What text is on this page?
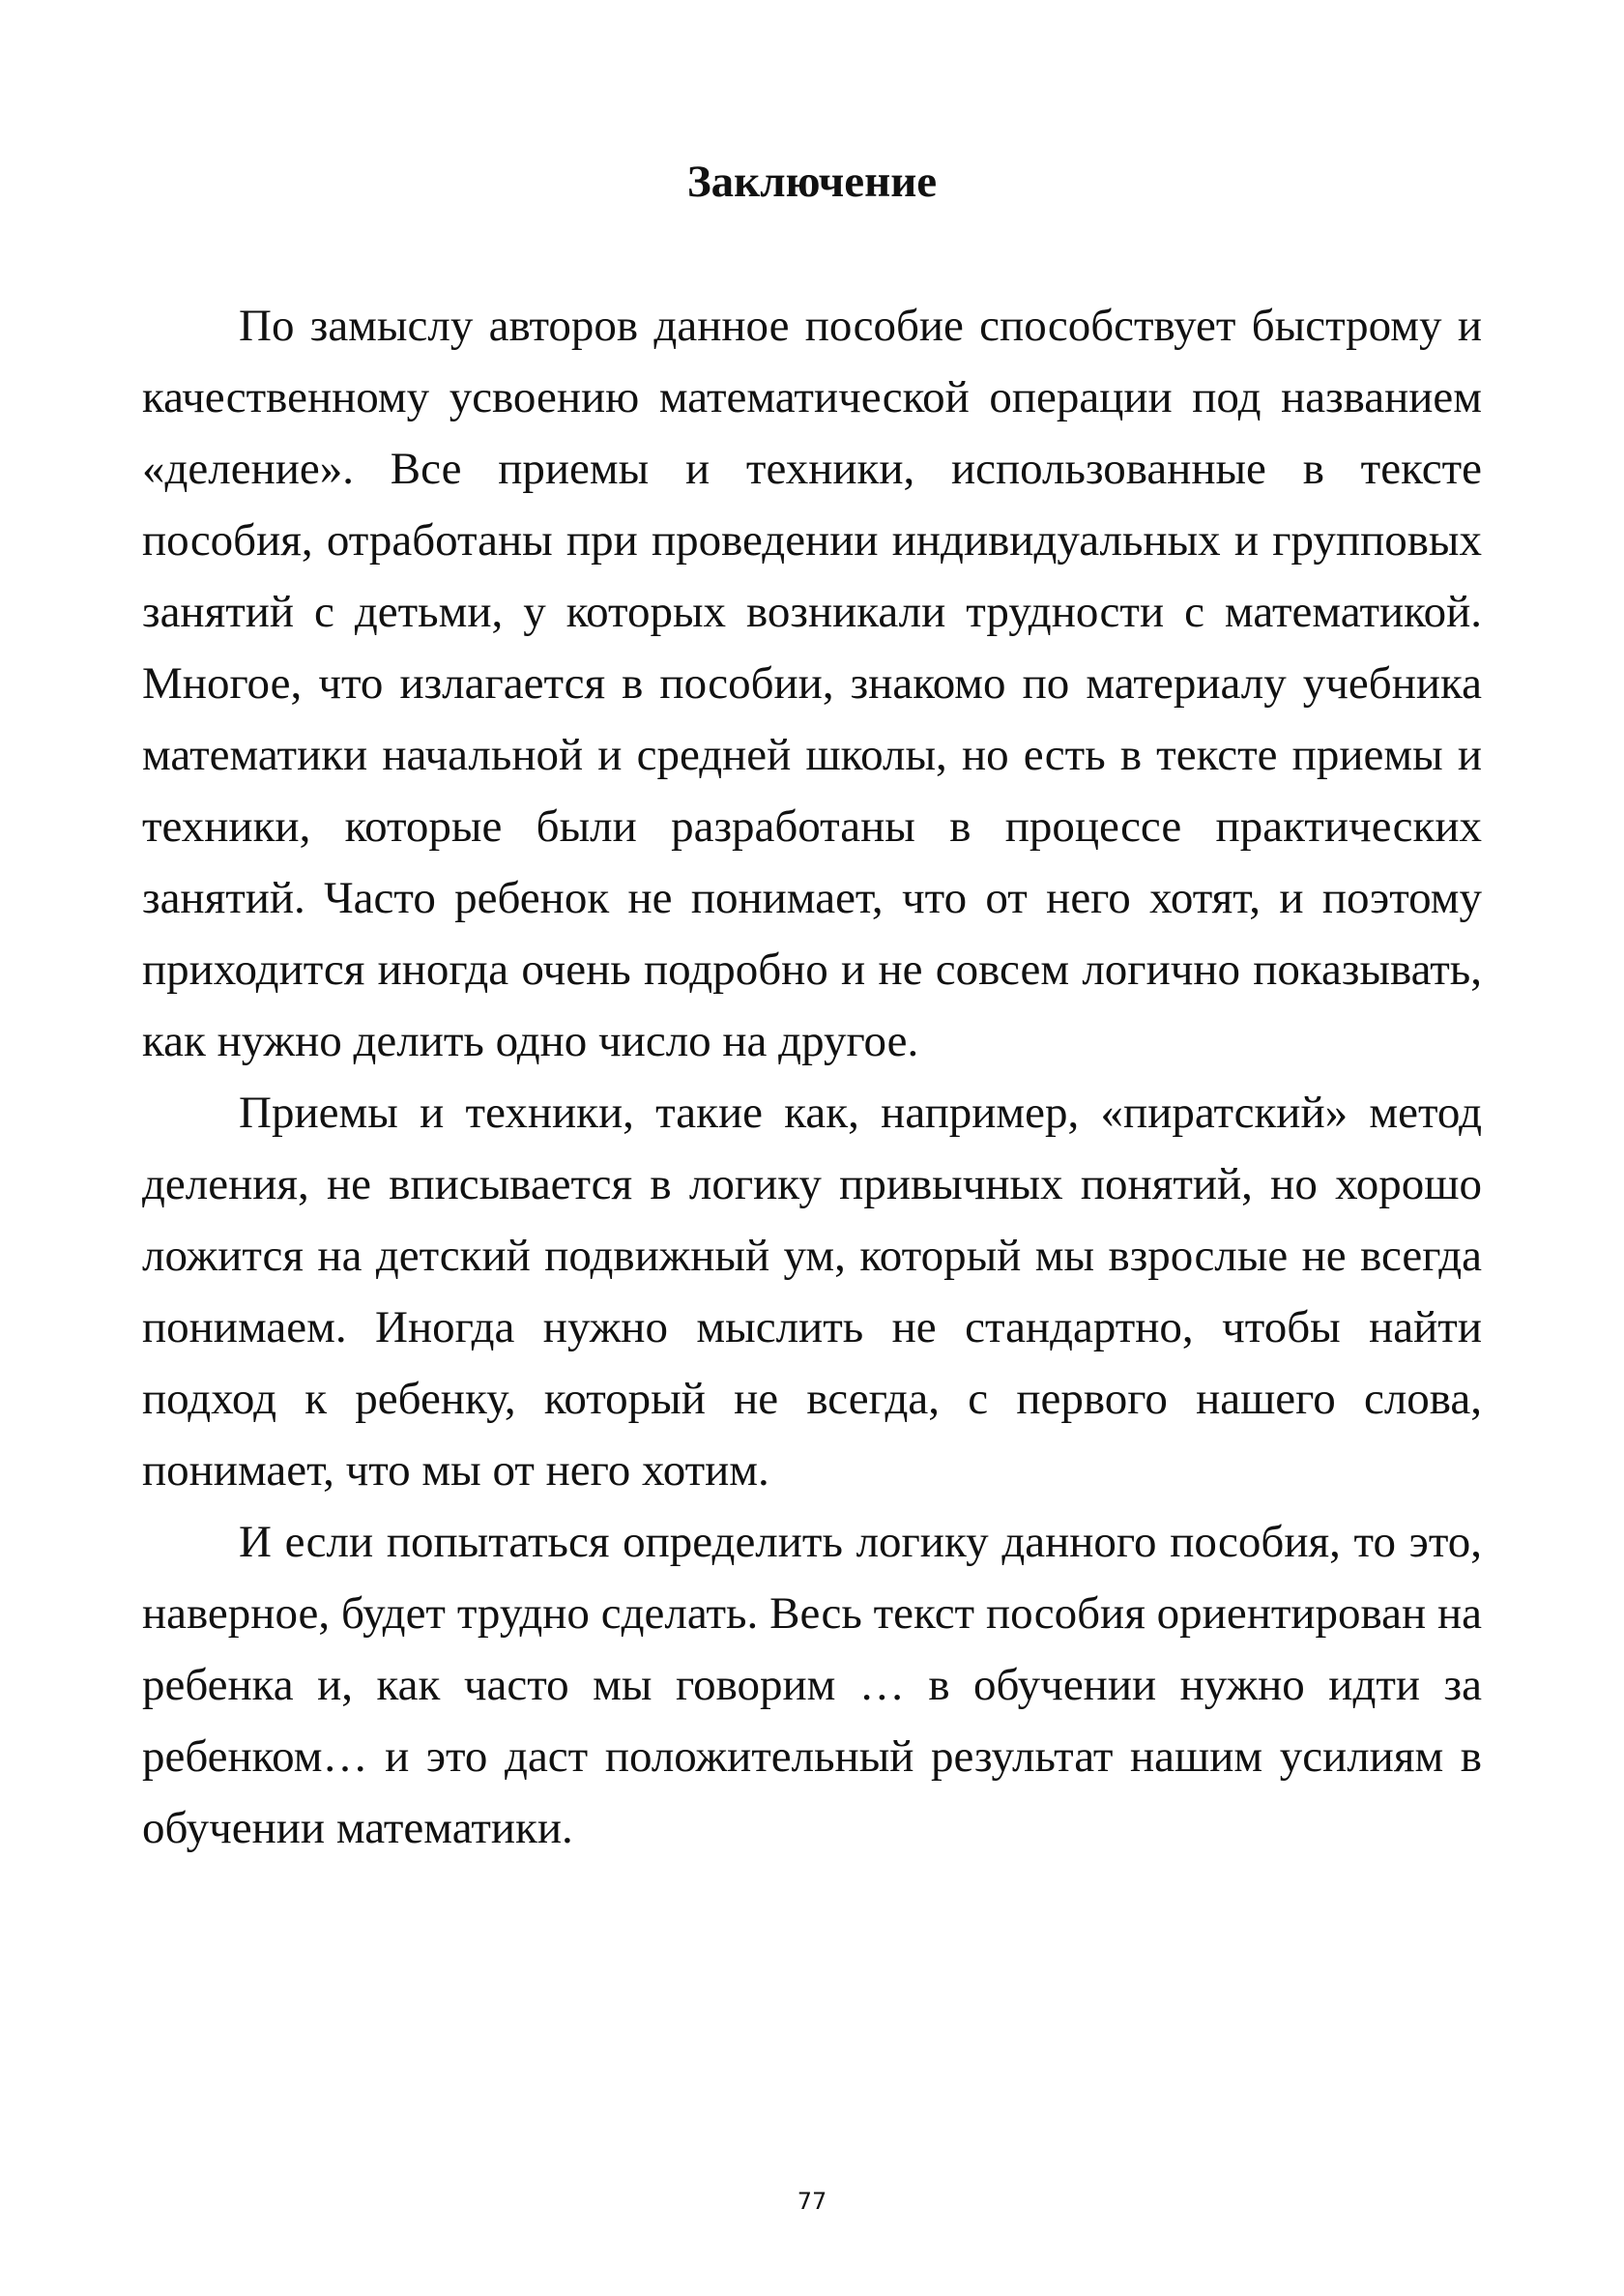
Заключение

По замыслу авторов данное пособие способствует быстрому и качественному усвоению математической операции под названием «деление». Все приемы и техники, использованные в тексте пособия, отработаны при проведении индивидуальных и групповых занятий с детьми, у которых возникали трудности с математикой. Многое, что излагается в пособии, знакомо по материалу учебника математики начальной и средней школы, но есть в тексте приемы и техники, которые были разработаны в процессе практических занятий. Часто ребенок не понимает, что от него хотят, и поэтому приходится иногда очень подробно и не совсем логично показывать, как нужно делить одно число на другое.

Приемы и техники, такие как, например, «пиратский» метод деления, не вписывается в логику привычных понятий, но хорошо ложится на детский подвижный ум, который мы взрослые не всегда понимаем. Иногда нужно мыслить не стандартно, чтобы найти подход к ребенку, который не всегда, с первого нашего слова, понимает, что мы от него хотим.

И если попытаться определить логику данного пособия, то это, наверное, будет трудно сделать. Весь текст пособия ориентирован на ребенка и, как часто мы говорим … в обучении нужно идти за ребенком… и это даст положительный результат нашим усилиям в обучении математики.

77
